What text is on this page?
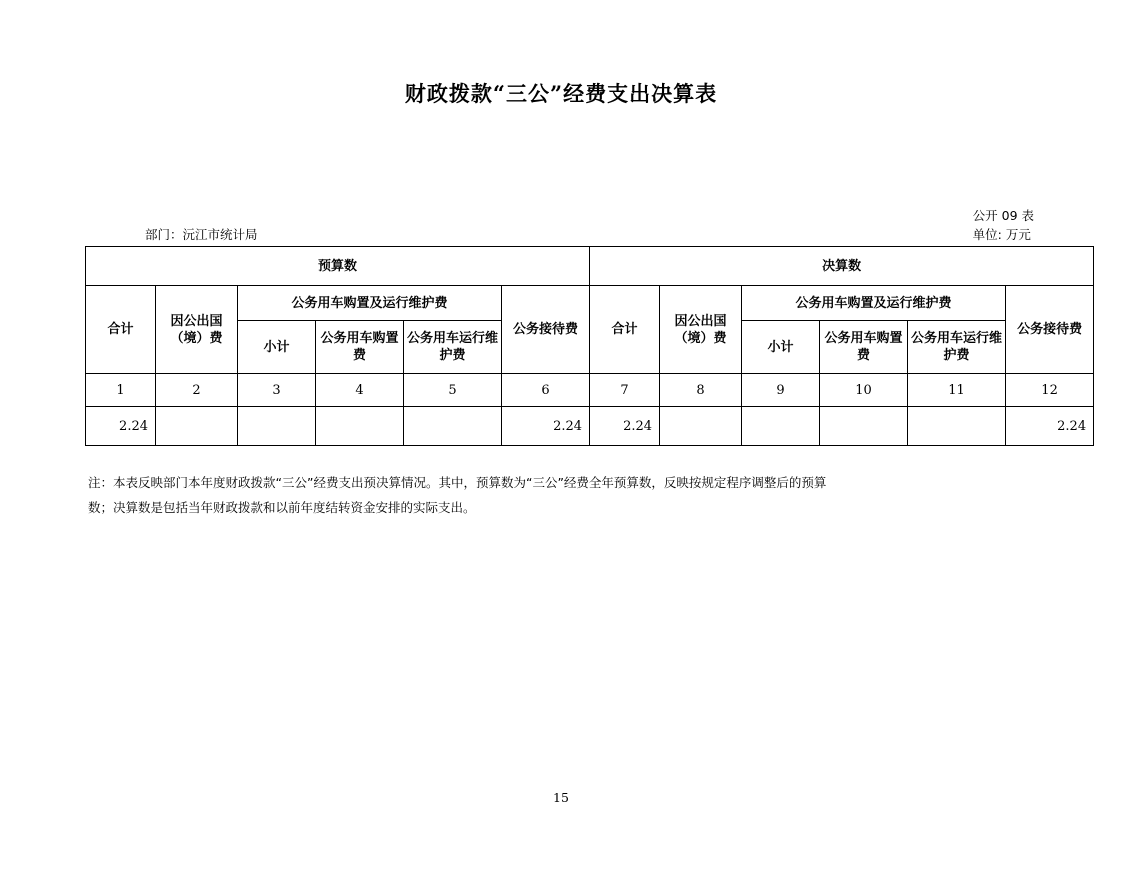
财政拨款“三公”经费支出决算表
公开 09 表
单位: 万元
部门：沅江市统计局
预算数						决算数					
合计	因公出国（境）费	公务用车购置及运行维护费			公务接待费	合计	因公出国（境）费	公务用车购置及运行维护费			公务接待费
		小计	公务用车购置费	公务用车运行维护费				小计	公务用车购置费	公务用车运行维护费	
1	2	3	4	5	6	7	8	9	10	11	12
2.24					2.24	2.24					2.24
注：本表反映部门本年度财政拨款“三公”经费支出预决算情况。其中，预算数为“三公”经费全年预算数，反映按规定程序调整后的预算
数；决算数是包括当年财政拨款和以前年度结转资金安排的实际支出。
15
